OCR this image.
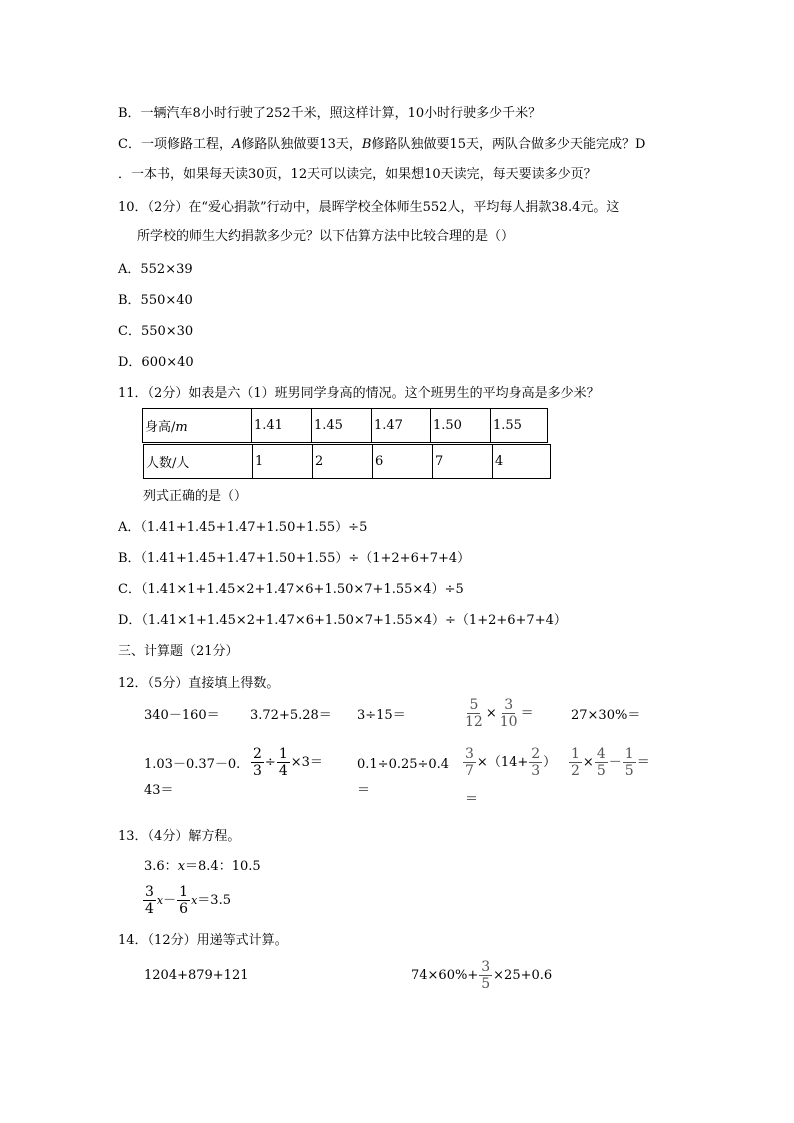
B．一辆汽车8小时行驶了252千米，照这样计算，10小时行驶多少千米？
C．一项修路工程，A修路队独做要13天，B修路队独做要15天，两队合做多少天能完成？D
．一本书，如果每天读30页，12天可以读完，如果想10天读完，每天要读多少页？
10．（2分）在“爱心捐款”行动中，晨晖学校全体师生552人，平均每人捐款38.4元。这
所学校的师生大约捐款多少元？以下估算方法中比较合理的是（）
A．552×39
B．550×40
C．550×30
D．600×40
11．（2分）如表是六（1）班男同学身高的情况。这个班男生的平均身高是多少米？
身高/m	1.41	1.45	1.47	1.50	1.55
人数/人	1	2	6	7	4
列式正确的是（）
A．（1.41+1.45+1.47+1.50+1.55）÷5
B．（1.41+1.45+1.47+1.50+1.55）÷（1+2+6+7+4）
C．（1.41×1+1.45×2+1.47×6+1.50×7+1.55×4）÷5
D．（1.41×1+1.45×2+1.47×6+1.50×7+1.55×4）÷（1+2+6+7+4）
三、计算题（21分）
12．（5分）直接填上得数。
340－160＝ 3.72+5.28＝ 3÷15＝	$\frac{5}{12} \times \frac{3}{10}$ ＝	27×30%＝
1.03－0.37－0.
43＝
$\frac{2}{3} \div \frac{1}{4} \times 3=$	0.1÷0.25÷0.4
＝
$\frac{3}{7} \times(14+ \frac{2}{3}$ ）
＝
$\frac{1}{2} \times \frac{4}{5} - \frac{1}{5}$ ＝
13．（4分）解方程。
3.6：x＝8.4：10.5
$\frac{3}{4} x- \frac{1}{6} x=3.5$
14．（12分）用递等式计算。
1204+879+121	$74\times 60\%+ \frac{3}{5} \times 25+0.6$
